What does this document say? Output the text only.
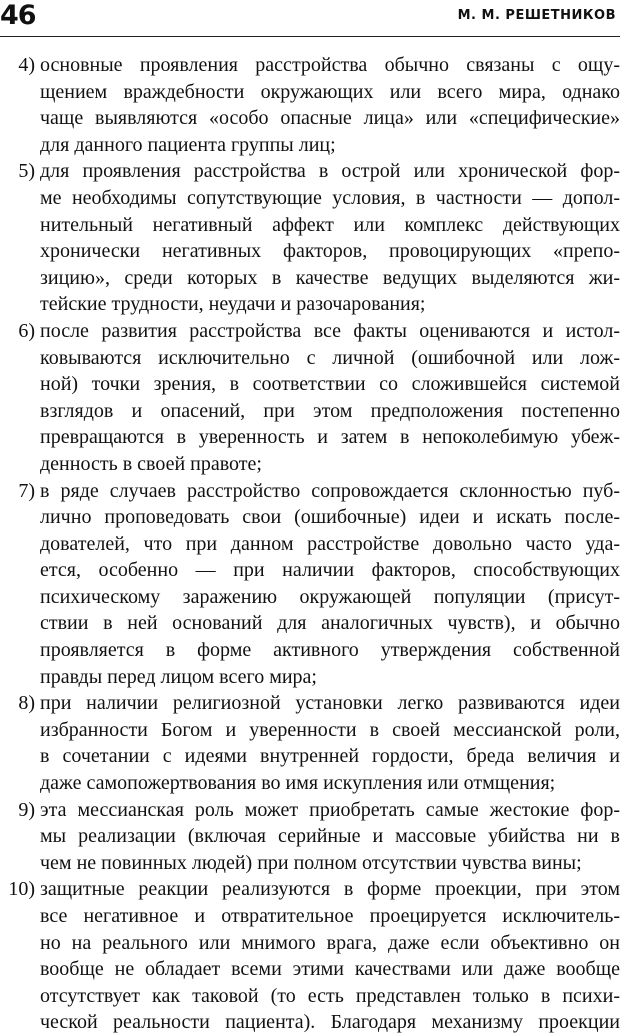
46	М. М. РЕШЕТНИКОВ
4) основные проявления расстройства обычно связаны с ощу-
щением враждебности окружающих или всего мира, однако
чаще выявляются «особо опасные лица» или «специфические»
для данного пациента группы лиц;
5) для проявления расстройства в острой или хронической фор-
ме необходимы сопутствующие условия, в частности — допол-
нительный негативный аффект или комплекс действующих
хронически негативных факторов, провоцирующих «препо-
зицию», среди которых в качестве ведущих выделяются жи-
тейские трудности, неудачи и разочарования;
6) после развития расстройства все факты оцениваются и истол-
ковываются исключительно с личной (ошибочной или лож-
ной) точки зрения, в соответствии со сложившейся системой
взглядов и опасений, при этом предположения постепенно
превращаются в уверенность и затем в непоколебимую убеж-
денность в своей правоте;
7) в ряде случаев расстройство сопровождается склонностью пуб-
лично проповедовать свои (ошибочные) идеи и искать после-
дователей, что при данном расстройстве довольно часто уда-
ется, особенно — при наличии факторов, способствующих
психическому заражению окружающей популяции (присут-
ствии в ней оснований для аналогичных чувств), и обычно
проявляется в форме активного утверждения собственной
правды перед лицом всего мира;
8) при наличии религиозной установки легко развиваются идеи
избранности Богом и уверенности в своей мессианской роли,
в сочетании с идеями внутренней гордости, бреда величия и
даже самопожертвования во имя искупления или отмщения;
9) эта мессианская роль может приобретать самые жестокие фор-
мы реализации (включая серийные и массовые убийства ни в
чем не повинных людей) при полном отсутствии чувства вины;
10) защитные реакции реализуются в форме проекции, при этом
все негативное и отвратительное проецируется исключитель-
но на реального или мнимого врага, даже если объективно он
вообще не обладает всеми этими качествами или даже вообще
отсутствует как таковой (то есть представлен только в психи-
ческой реальности пациента). Благодаря механизму проекции
